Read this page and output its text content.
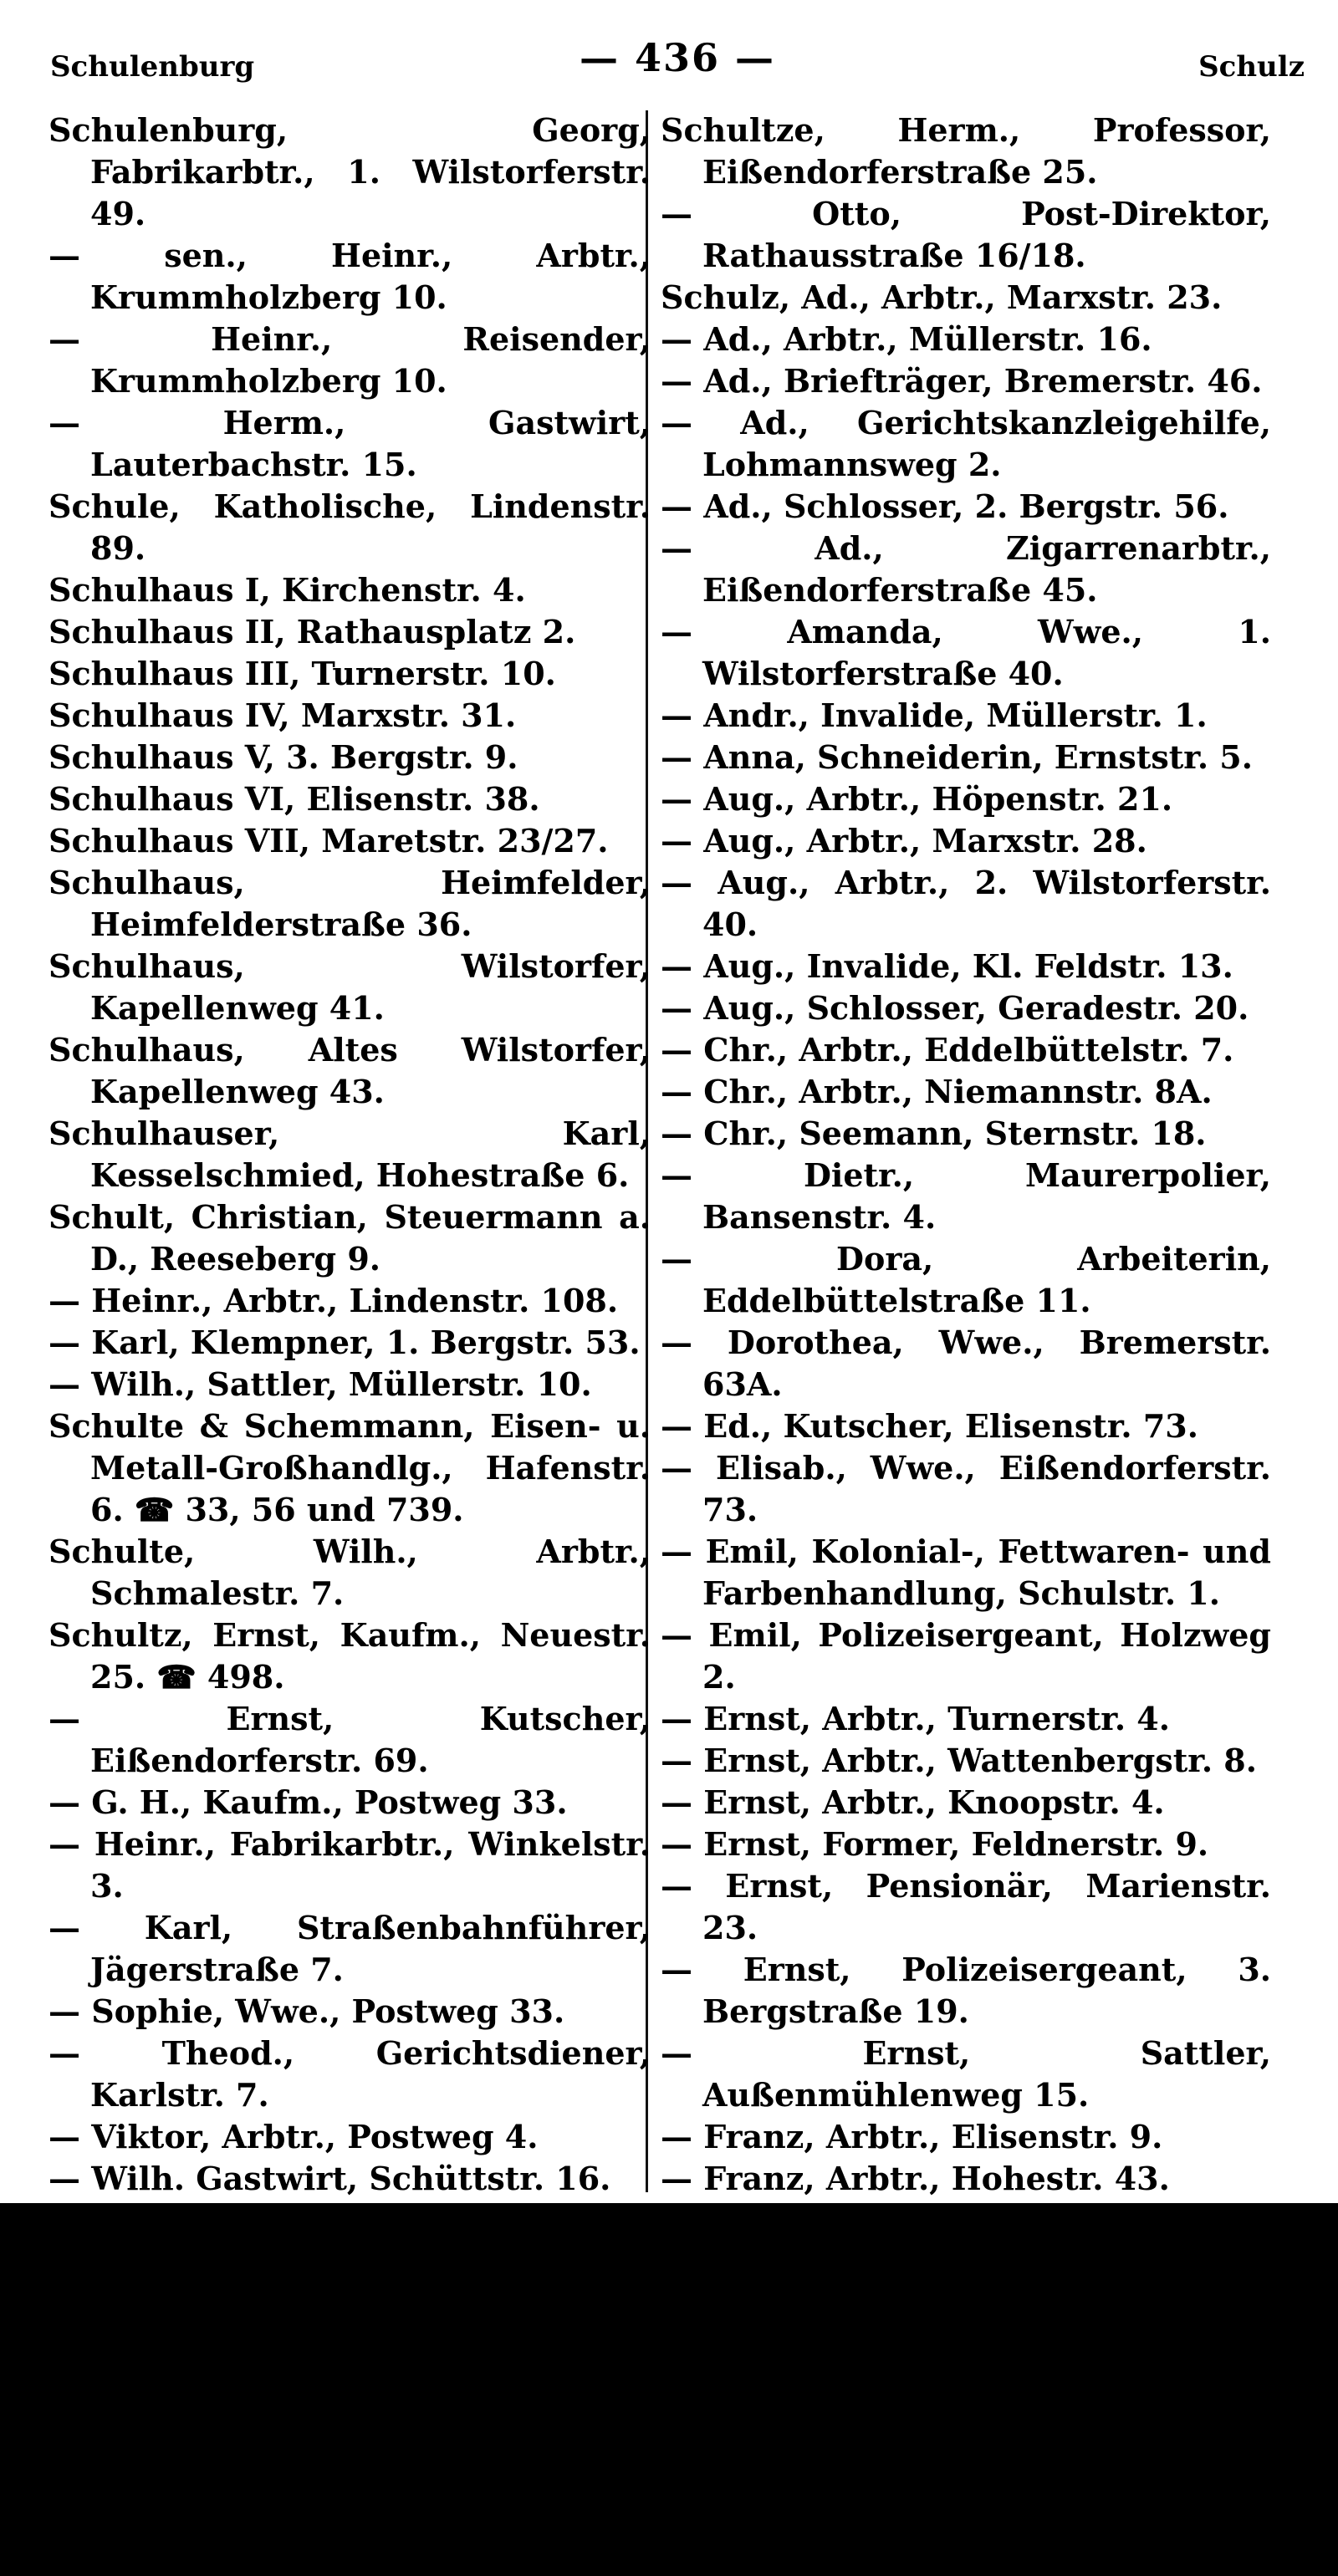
Schulenburg	— 436 —	Schulz

Schulenburg, Georg, Fabrikarbtr., 1. Wilstorferstr. 49.

— sen., Heinr., Arbtr., Krummholzberg 10.

— Heinr., Reisender, Krummholzberg 10.

— Herm., Gastwirt, Lauterbachstr. 15.

Schule, Katholische, Lindenstr. 89.

Schulhaus I, Kirchenstr. 4.

Schulhaus II, Rathausplatz 2.

Schulhaus III, Turnerstr. 10.

Schulhaus IV, Marxstr. 31.

Schulhaus V, 3. Bergstr. 9.

Schulhaus VI, Elisenstr. 38.

Schulhaus VII, Maretstr. 23/27.

Schulhaus, Heimfelder, Heimfelderstraße 36.

Schulhaus, Wilstorfer, Kapellenweg 41.

Schulhaus, Altes Wilstorfer, Kapellenweg 43.

Schulhauser, Karl, Kesselschmied, Hohestraße 6.

Schult, Christian, Steuermann a. D., Reeseberg 9.

— Heinr., Arbtr., Lindenstr. 108.

— Karl, Klempner, 1. Bergstr. 53.

— Wilh., Sattler, Müllerstr. 10.

Schulte & Schemmann, Eisen- u. Metall-Großhandlg., Hafenstr. 6. ☎ 33, 56 und 739.

Schulte, Wilh., Arbtr., Schmalestr. 7.

Schultz, Ernst, Kaufm., Neuestr. 25. ☎ 498.

— Ernst, Kutscher, Eißendorferstr. 69.

— G. H., Kaufm., Postweg 33.

— Heinr., Fabrikarbtr., Winkelstr. 3.

— Karl, Straßenbahnführer, Jägerstraße 7.

— Sophie, Wwe., Postweg 33.

— Theod., Gerichtsdiener, Karlstr. 7.

— Viktor, Arbtr., Postweg 4.

— Wilh. Gastwirt, Schüttstr. 16.

— Wilh., Kontorbote, Bremerstr. 68.

— Wilh., Schriftsetzer, Winkelstr. 5.

— Willy, Restaurateur, Sand 34A.

Schultze, Alb., Strommeister, Meyerstraße 10.

— Herm., Fabrikarbtr., 1. Bergstr. 30.

Schultze, Herm., Professor, Eißendorferstraße 25.

— Otto, Post-Direktor, Rathausstraße 16/18.

Schulz, Ad., Arbtr., Marxstr. 23.

— Ad., Arbtr., Müllerstr. 16.

— Ad., Briefträger, Bremerstr. 46.

— Ad., Gerichtskanzleigehilfe, Lohmannsweg 2.

— Ad., Schlosser, 2. Bergstr. 56.

— Ad., Zigarrenarbtr., Eißendorferstraße 45.

— Amanda, Wwe., 1. Wilstorferstraße 40.

— Andr., Invalide, Müllerstr. 1.

— Anna, Schneiderin, Ernststr. 5.

— Aug., Arbtr., Höpenstr. 21.

— Aug., Arbtr., Marxstr. 28.

— Aug., Arbtr., 2. Wilstorferstr. 40.

— Aug., Invalide, Kl. Feldstr. 13.

— Aug., Schlosser, Geradestr. 20.

— Chr., Arbtr., Eddelbüttelstr. 7.

— Chr., Arbtr., Niemannstr. 8A.

— Chr., Seemann, Sternstr. 18.

— Dietr., Maurerpolier, Bansenstr. 4.

— Dora, Arbeiterin, Eddelbüttelstraße 11.

— Dorothea, Wwe., Bremerstr. 63A.

— Ed., Kutscher, Elisenstr. 73.

— Elisab., Wwe., Eißendorferstr. 73.

— Emil, Kolonial-, Fettwaren- und Farbenhandlung, Schulstr. 1.

— Emil, Polizeisergeant, Holzweg 2.

— Ernst, Arbtr., Turnerstr. 4.

— Ernst, Arbtr., Wattenbergstr. 8.

— Ernst, Arbtr., Knoopstr. 4.

— Ernst, Former, Feldnerstr. 9.

— Ernst, Pensionär, Marienstr. 23.

— Ernst, Polizeisergeant, 3. Bergstraße 19.

— Ernst, Sattler, Außenmühlenweg 15.

— Franz, Arbtr., Elisenstr. 9.

— Franz, Arbtr., Hohestr. 43.

— Friedr., Arbtr., Kl. Feldstr. 2.

— Friedr., Arbtr., Kl. Feldstr. 12.

— Friedr., Arbtr., Parkstr. 11.

— Friedr., Schlosser, Werderstr. 87.
